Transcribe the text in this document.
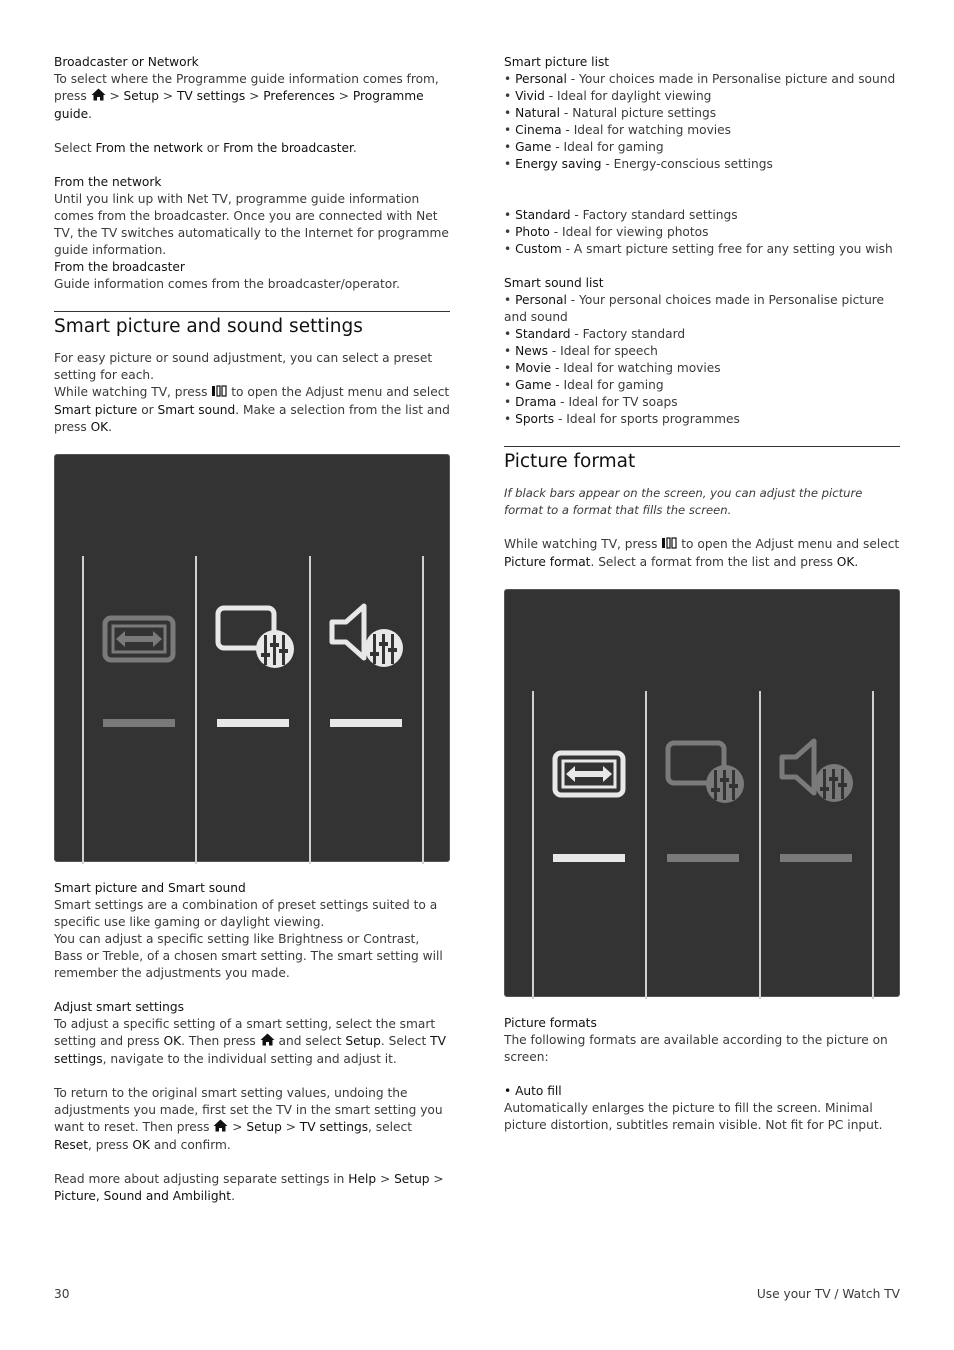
Broadcaster or Network

To select where the Programme guide information comes from,
press > Setup > TV settings > Preferences > Programme guide.

Select From the network or From the broadcaster.

From the network

Until you link up with Net TV, programme guide information comes from the broadcaster. Once you are connected with Net TV, the TV switches automatically to the Internet for programme guide information.

From the broadcaster

Guide information comes from the broadcaster/operator.

Smart picture and sound settings

For easy picture or sound adjustment, you can select a preset setting for each.

While watching TV, press to open the Adjust menu and select Smart picture or Smart sound. Make a selection from the list and press OK.

Smart picture and Smart sound

Smart settings are a combination of preset settings suited to a specific use like gaming or daylight viewing.

You can adjust a specific setting like Brightness or Contrast, Bass or Treble, of a chosen smart setting. The smart setting will remember the adjustments you made.

Adjust smart settings

To adjust a specific setting of a smart setting, select the smart setting and press OK. Then press and select Setup. Select TV settings, navigate to the individual setting and adjust it.

To return to the original smart setting values, undoing the adjustments you made, first set the TV in the smart setting you want to reset. Then press > Setup > TV settings, select Reset, press OK and confirm.

Read more about adjusting separate settings in Help > Setup >
Picture, Sound and Ambilight.

Smart picture list

• Personal - Your choices made in Personalise picture and sound

• Vivid - Ideal for daylight viewing

• Natural - Natural picture settings

• Cinema - Ideal for watching movies

• Game - Ideal for gaming

• Energy saving - Energy-conscious settings

• Standard - Factory standard settings

• Photo - Ideal for viewing photos

• Custom - A smart picture setting free for any setting you wish

Smart sound list

• Personal - Your personal choices made in Personalise picture and sound

• Standard - Factory standard

• News - Ideal for speech

• Movie - Ideal for watching movies

• Game - Ideal for gaming

• Drama - Ideal for TV soaps

• Sports - Ideal for sports programmes

Picture format

If black bars appear on the screen, you can adjust the picture format to a format that fills the screen.

While watching TV, press to open the Adjust menu and select Picture format. Select a format from the list and press OK.

Picture formats

The following formats are available according to the picture on screen:

• Auto fill

Automatically enlarges the picture to fill the screen. Minimal picture distortion, subtitles remain visible. Not fit for PC input.

30	Use your TV / Watch TV
